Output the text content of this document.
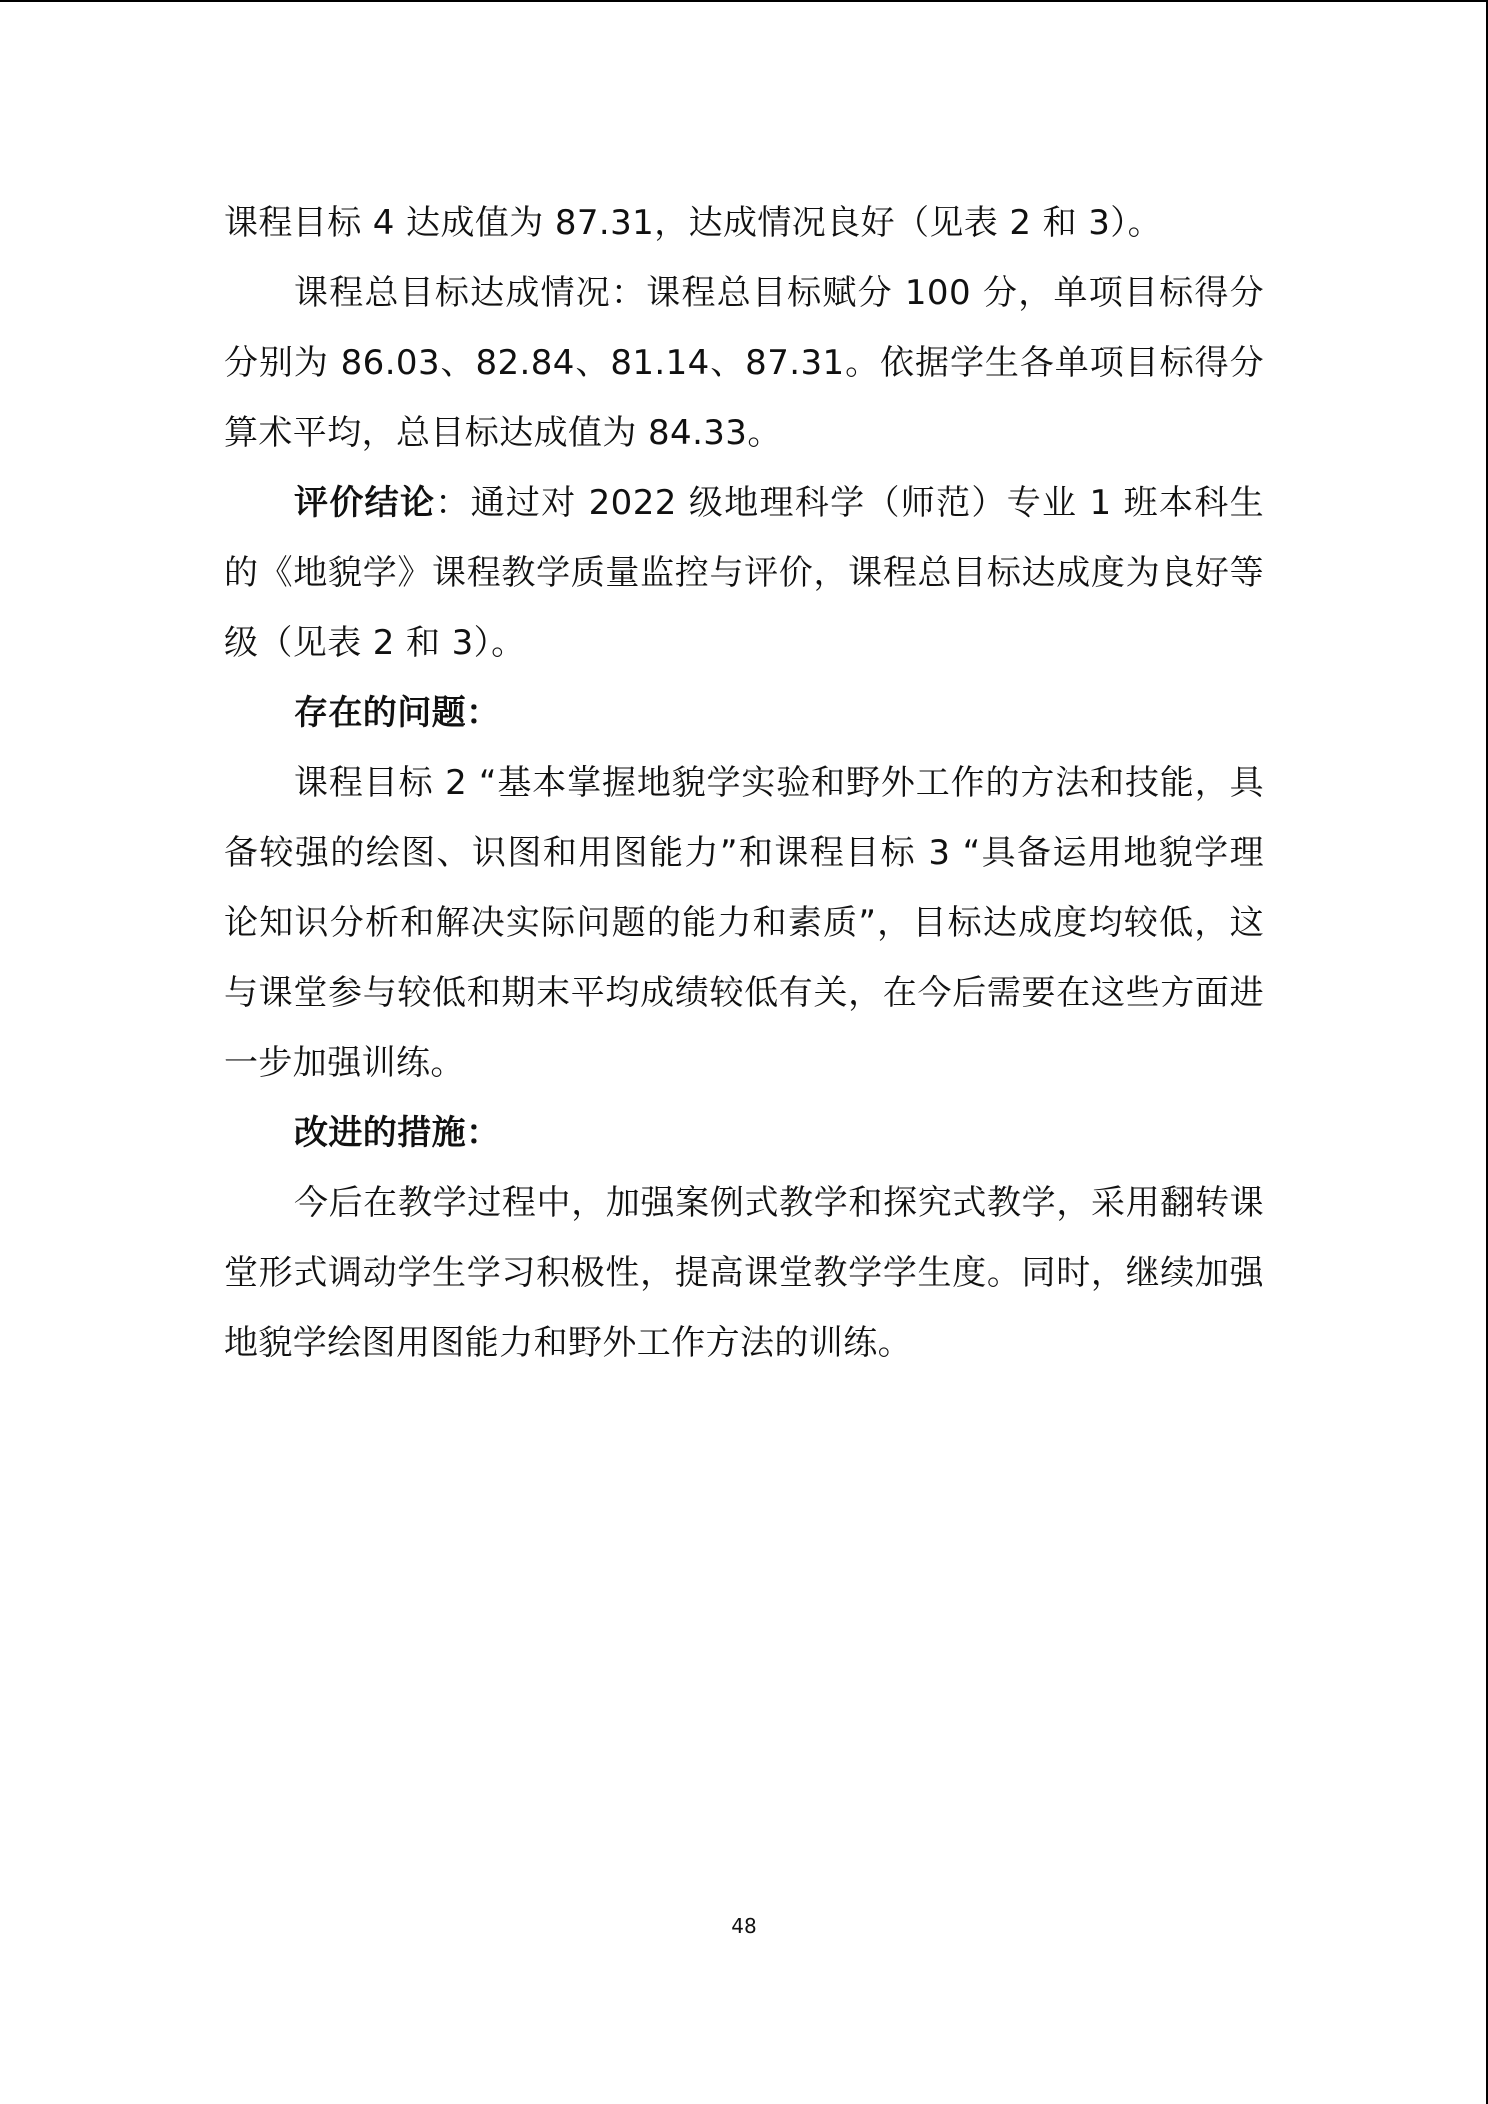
课程目标 4 达成值为 87.31，达成情况良好（见表 2 和 3）。

课程总目标达成情况：课程总目标赋分 100 分，单项目标得分分别为 86.03、82.84、81.14、87.31。依据学生各单项目标得分算术平均，总目标达成值为 84.33。

评价结论：通过对 2022 级地理科学（师范）专业 1 班本科生的《地貌学》课程教学质量监控与评价，课程总目标达成度为良好等级（见表 2 和 3）。

存在的问题：

课程目标 2 “基本掌握地貌学实验和野外工作的方法和技能，具备较强的绘图、识图和用图能力”和课程目标 3 “具备运用地貌学理论知识分析和解决实际问题的能力和素质”，目标达成度均较低，这与课堂参与较低和期末平均成绩较低有关，在今后需要在这些方面进一步加强训练。

改进的措施：

今后在教学过程中，加强案例式教学和探究式教学，采用翻转课堂形式调动学生学习积极性，提高课堂教学学生度。同时，继续加强地貌学绘图用图能力和野外工作方法的训练。

48
